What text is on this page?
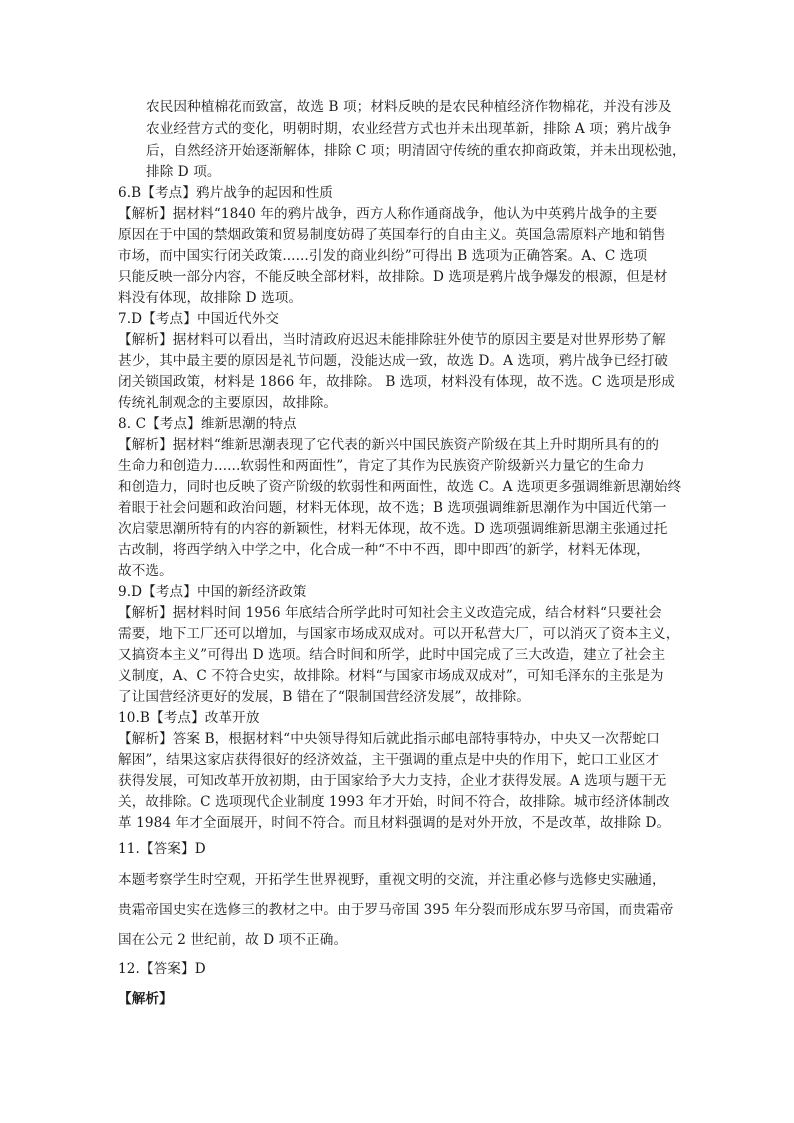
农民因种植棉花而致富，故选 B 项；材料反映的是农民种植经济作物棉花，并没有涉及
农业经营方式的变化，明朝时期，农业经营方式也并未出现革新，排除 A 项；鸦片战争
后，自然经济开始逐渐解体，排除 C 项；明清固守传统的重农抑商政策，并未出现松弛，
排除 D 项。
6.B【考点】鸦片战争的起因和性质
【解析】据材料“1840 年的鸦片战争，西方人称作通商战争，他认为中英鸦片战争的主要
原因在于中国的禁烟政策和贸易制度妨碍了英国奉行的自由主义。英国急需原料产地和销售
市场，而中国实行闭关政策......引发的商业纠纷”可得出 B 选项为正确答案。A、C 选项
只能反映一部分内容，不能反映全部材料，故排除。D 选项是鸦片战争爆发的根源，但是材
料没有体现，故排除 D 选项。
7.D【考点】中国近代外交
【解析】据材料可以看出，当时清政府迟迟未能排除驻外使节的原因主要是对世界形势了解
甚少，其中最主要的原因是礼节问题，没能达成一致，故选 D。A 选项，鸦片战争已经打破
闭关锁国政策，材料是 1866 年，故排除。 B 选项，材料没有体现，故不选。C 选项是形成
传统礼制观念的主要原因，故排除。
8. C【考点】维新思潮的特点
【解析】据材料“维新思潮表现了它代表的新兴中国民族资产阶级在其上升时期所具有的的
生命力和创造力......软弱性和两面性”，肯定了其作为民族资产阶级新兴力量它的生命力
和创造力，同时也反映了资产阶级的软弱性和两面性，故选 C。A 选项更多强调维新思潮始终
着眼于社会问题和政治问题，材料无体现，故不选；B 选项强调维新思潮作为中国近代第一
次启蒙思潮所特有的内容的新颖性，材料无体现，故不选。D 选项强调维新思潮主张通过托
古改制，将西学纳入中学之中，化合成一种“不中不西，即中即西’的新学，材料无体现，
故不选。
9.D【考点】中国的新经济政策
【解析】据材料时间 1956 年底结合所学此时可知社会主义改造完成，结合材料“只要社会
需要，地下工厂还可以增加，与国家市场成双成对。可以开私营大厂，可以消灭了资本主义，
又搞资本主义”可得出 D 选项。结合时间和所学，此时中国完成了三大改造，建立了社会主
义制度，A、C 不符合史实，故排除。材料“与国家市场成双成对”，可知毛泽东的主张是为
了让国营经济更好的发展，B 错在了“限制国营经济发展”，故排除。
10.B【考点】改革开放
【解析】答案 B，根据材料“中央领导得知后就此指示邮电部特事特办，中央又一次帮蛇口
解困”，结果这家店获得很好的经济效益，主干强调的重点是中央的作用下，蛇口工业区才
获得发展，可知改革开放初期，由于国家给予大力支持，企业才获得发展。A 选项与题干无
关，故排除。C 选项现代企业制度 1993 年才开始，时间不符合，故排除。城市经济体制改
革 1984 年才全面展开，时间不符合。而且材料强调的是对外开放，不是改革，故排除 D。
11.【答案】D
本题考察学生时空观，开拓学生世界视野，重视文明的交流，并注重必修与选修史实融通，
贵霜帝国史实在选修三的教材之中。由于罗马帝国 395 年分裂而形成东罗马帝国，而贵霜帝
国在公元 2 世纪前，故 D 项不正确。
12.【答案】D
【解析】
